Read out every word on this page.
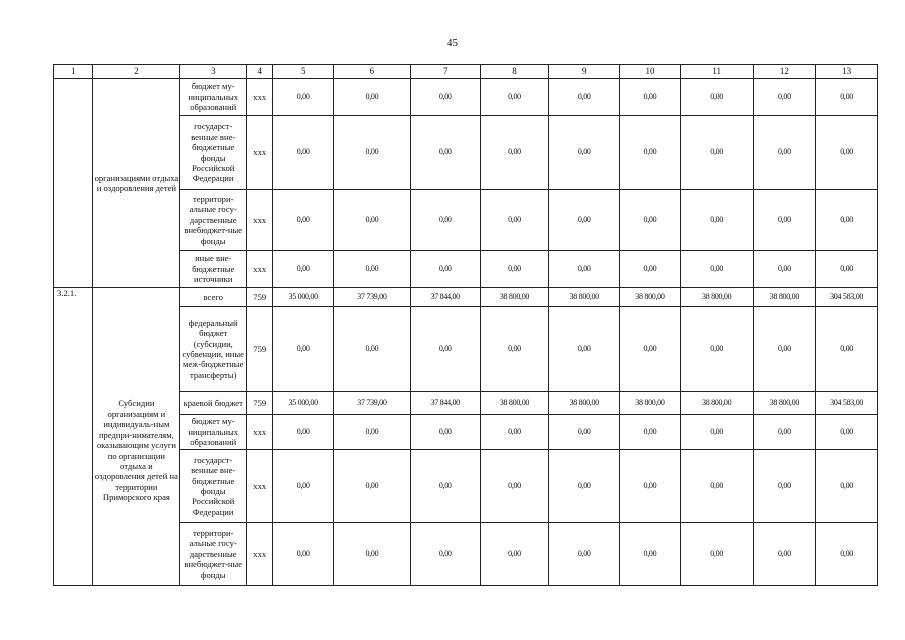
45
1	2	3	4	5	6	7	8	9	10	11	12	13
	организациями отдыха и оздоровления детей	бюджет му-ниципальных образований	ххх	0,00	0,00	0,00	0,00	0,00	0,00	0,00	0,00	0,00
		государст-венные вне-бюджетные фонды Российской Федерации	ххх	0,00	0,00	0,00	0,00	0,00	0,00	0,00	0,00	0,00
		территори-альные госу-дарственные внебюджет-ные фонды	ххх	0,00	0,00	0,00	0,00	0,00	0,00	0,00	0,00	0,00
		иные вне-бюджетные источники	ххх	0,00	0,00	0,00	0,00	0,00	0,00	0,00	0,00	0,00
3.2.1.	Субсидии организациям и индивидуаль-ным предпри-нимателям, оказывающим услуги по организации отдыха и оздоровления детей на территории Приморского края	всего	759	35 000,00	37 739,00	37 844,00	38 800,00	38 800,00	38 800,00	38 800,00	38 800,00	304 583,00
		федеральный бюджет (субсидии, субвенции, иные меж-бюджетные трансферты)	759	0,00	0,00	0,00	0,00	0,00	0,00	0,00	0,00	0,00
		краевой бюджет	759	35 000,00	37 739,00	37 844,00	38 800,00	38 800,00	38 800,00	38 800,00	38 800,00	304 583,00
		бюджет му-ниципальных образований	ххх	0,00	0,00	0,00	0,00	0,00	0,00	0,00	0,00	0,00
		государст-венные вне-бюджетные фонды Российской Федерации	ххх	0,00	0,00	0,00	0,00	0,00	0,00	0,00	0,00	0,00
		территори-альные госу-дарственные внебюджет-ные фонды	ххх	0,00	0,00	0,00	0,00	0,00	0,00	0,00	0,00	0,00
